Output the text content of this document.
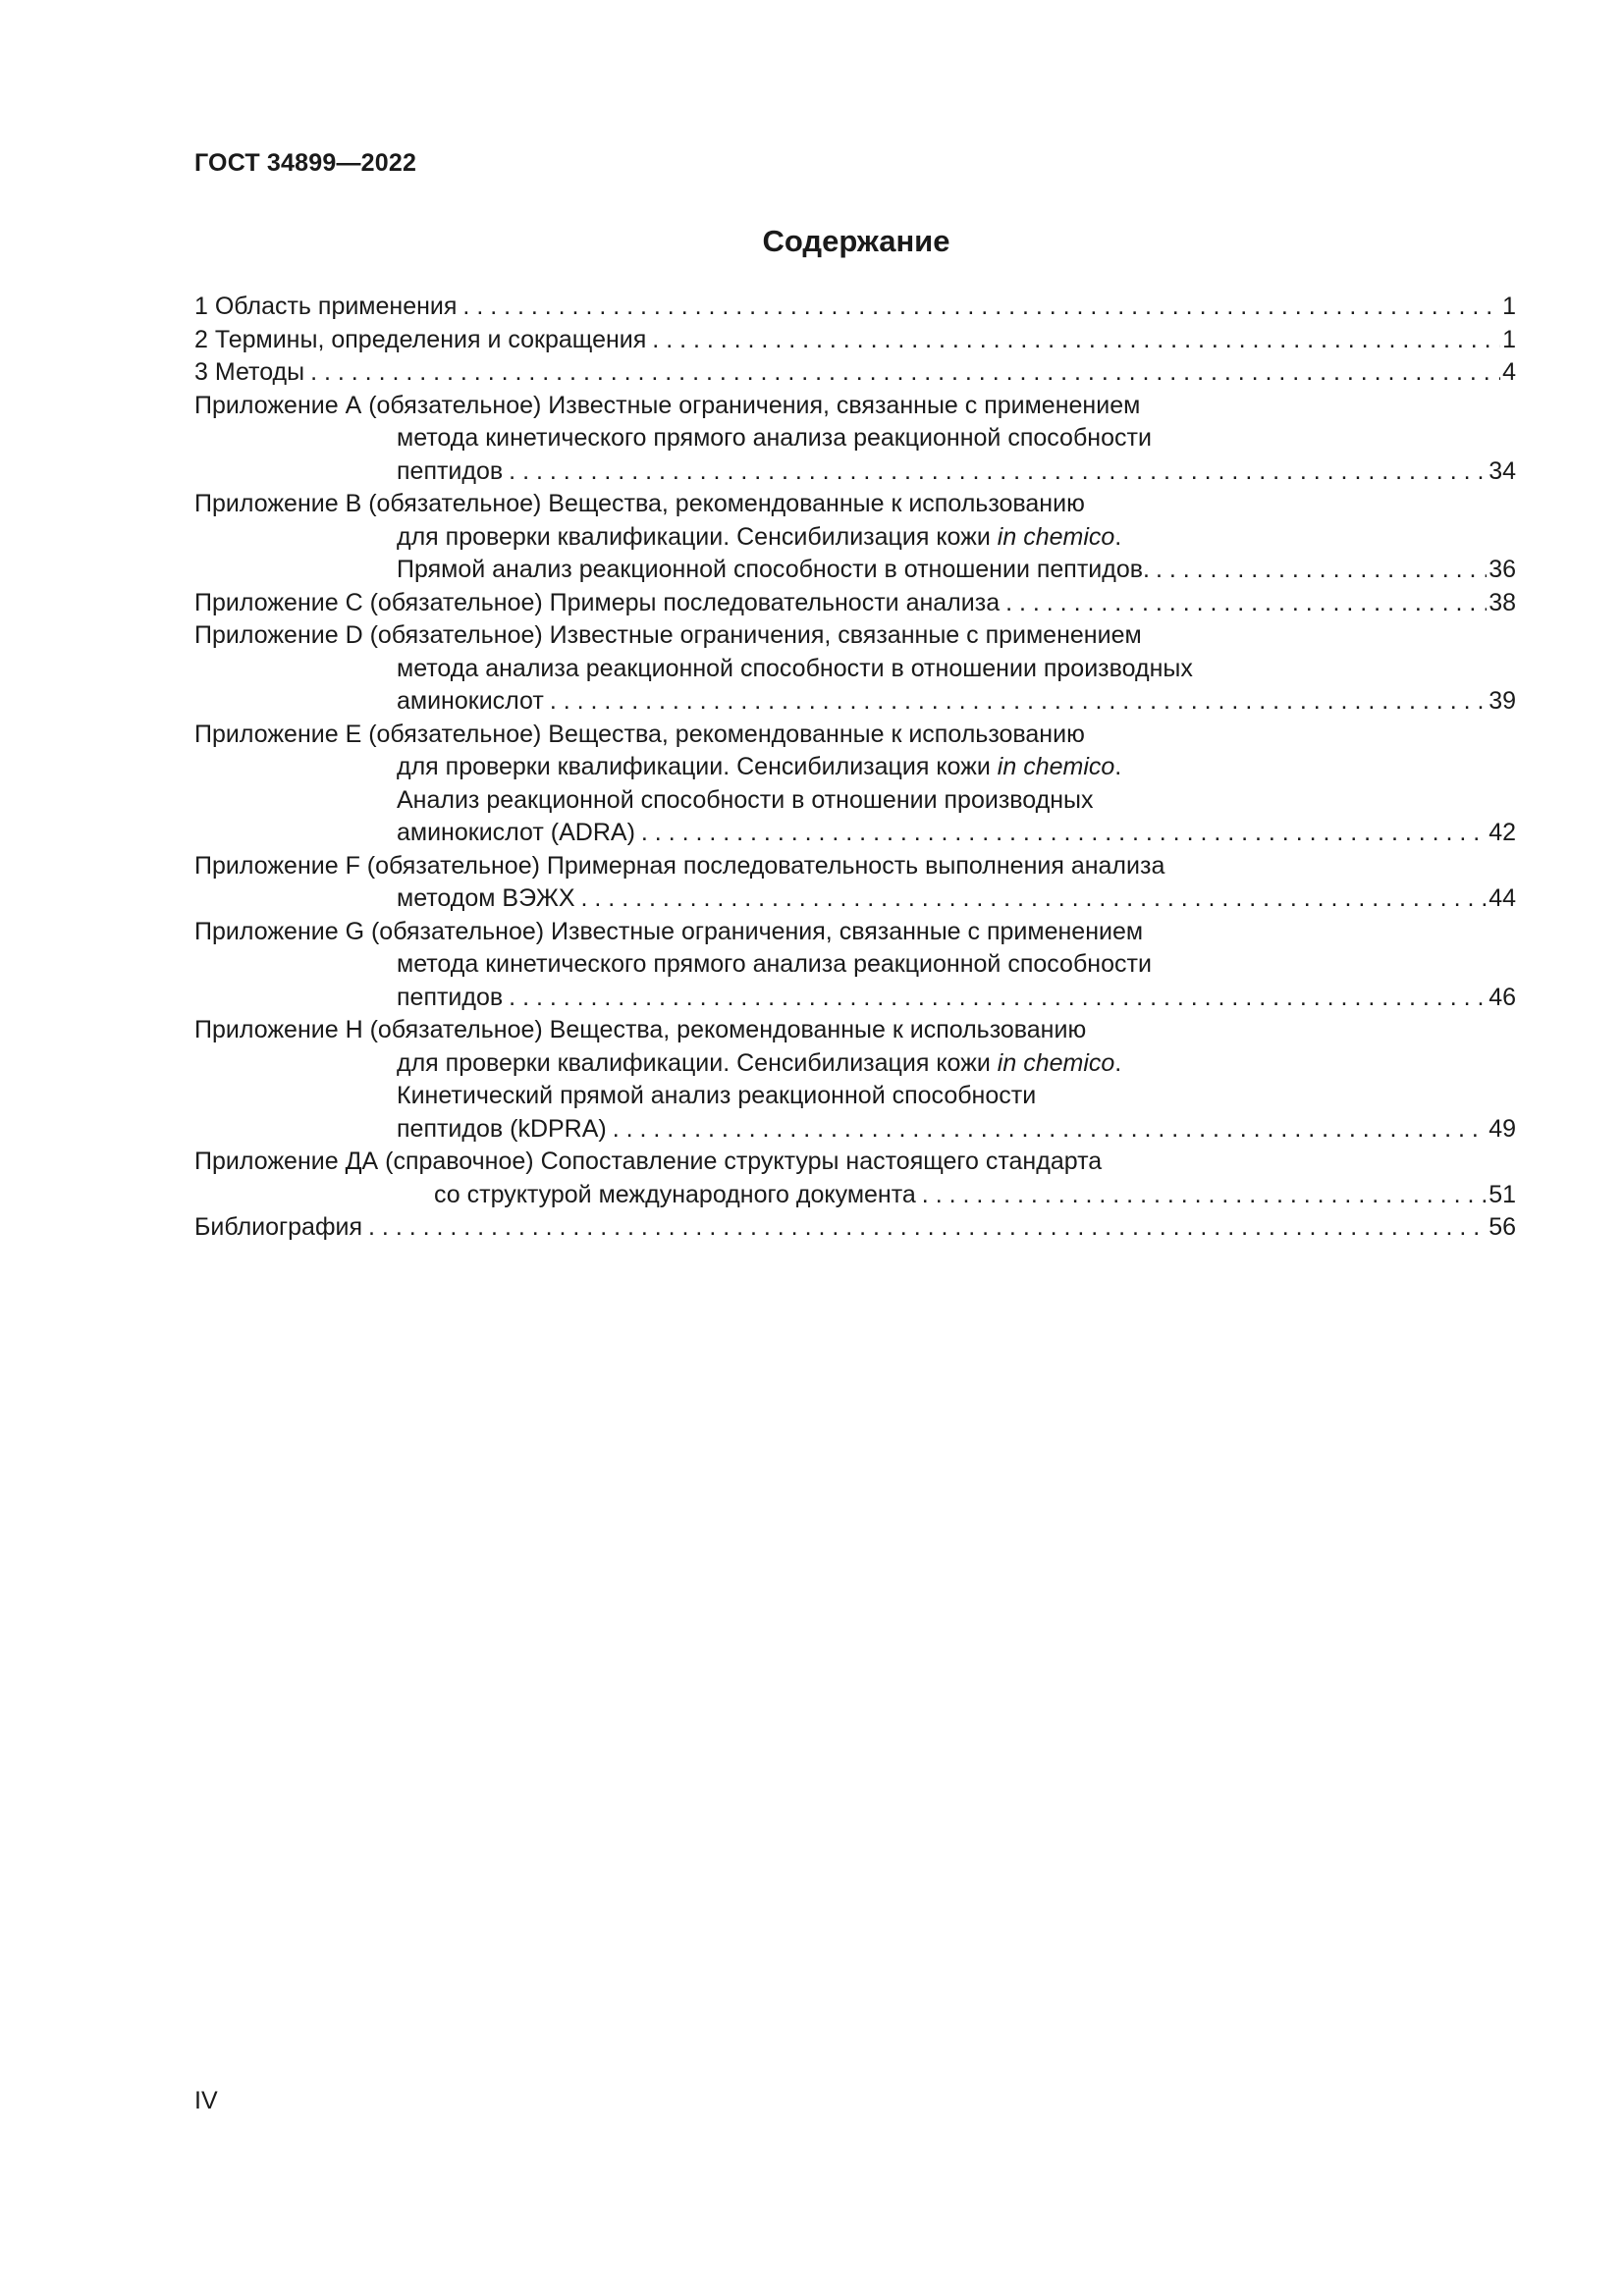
ГОСТ 34899—2022
Содержание
1 Область применения . . .	1
2 Термины, определения и сокращения . . .	1
3 Методы . . .	4
Приложение А (обязательное) Известные ограничения, связанные с применением
метода кинетического прямого анализа реакционной способности
пептидов . . .	34
Приложение В (обязательное) Вещества, рекомендованные к использованию
для проверки квалификации. Сенсибилизация кожи in chemico.
Прямой анализ реакционной способности в отношении пептидов. . . .	36
Приложение С (обязательное) Примеры последовательности анализа . . .	38
Приложение D (обязательное) Известные ограничения, связанные с применением
метода анализа реакционной способности в отношении производных
аминокислот . . .	39
Приложение Е (обязательное) Вещества, рекомендованные к использованию
для проверки квалификации. Сенсибилизация кожи in chemico.
Анализ реакционной способности в отношении производных
аминокислот (ADRA) . . .	42
Приложение F (обязательное) Примерная последовательность выполнения анализа
методом ВЭЖХ . . .	44
Приложение G (обязательное) Известные ограничения, связанные с применением
метода кинетического прямого анализа реакционной способности
пептидов . . .	46
Приложение Н (обязательное) Вещества, рекомендованные к использованию
для проверки квалификации. Сенсибилизация кожи in chemico.
Кинетический прямой анализ реакционной способности
пептидов (kDPRA) . . .	49
Приложение ДА (справочное) Сопоставление структуры настоящего стандарта
со структурой международного документа . . .	51
Библиография . . .	56
IV
